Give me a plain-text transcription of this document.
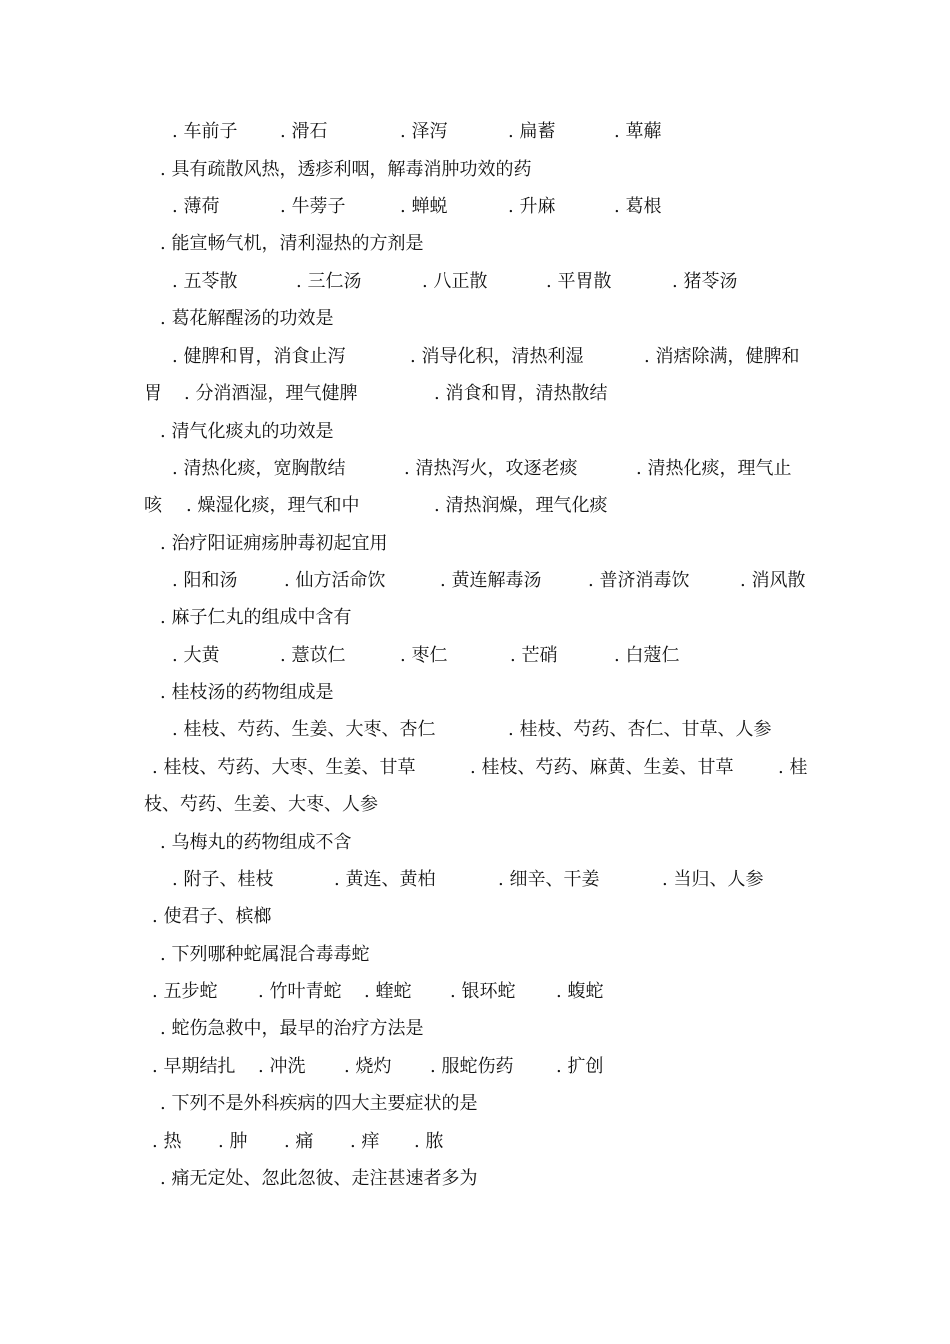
. 车前子 . 滑石	. 泽泻	. 扁蓄	. 萆薢
. 具有疏散风热，透疹利咽，解毒消肿功效的药
. 薄荷	. 牛蒡子	. 蝉蜕	. 升麻	. 葛根
. 能宣畅气机，清利湿热的方剂是
. 五苓散	. 三仁汤	. 八正散	. 平胃散	. 猪苓汤
. 葛花解醒汤的功效是
. 健脾和胃，消食止泻	. 消导化积，清热利湿	. 消痞除满，健脾和
胃 . 分消酒湿，理气健脾	. 消食和胃，清热散结
. 清气化痰丸的功效是
. 清热化痰，宽胸散结	. 清热泻火，攻逐老痰	. 清热化痰，理气止
咳 . 燥湿化痰，理气和中	. 清热润燥，理气化痰
. 治疗阳证痈疡肿毒初起宜用
. 阳和汤	. 仙方活命饮	. 黄连解毒汤	. 普济消毒饮	. 消风散
. 麻子仁丸的组成中含有
. 大黄	. 薏苡仁	. 枣仁	. 芒硝	. 白蔻仁
. 桂枝汤的药物组成是
. 桂枝、芍药、生姜、大枣、杏仁	. 桂枝、芍药、杏仁、甘草、人参
. 桂枝、芍药、大枣、生姜、甘草	. 桂枝、芍药、麻黄、生姜、甘草 . 桂
枝、芍药、生姜、大枣、人参
. 乌梅丸的药物组成不含
. 附子、桂枝	. 黄连、黄柏	. 细辛、干姜	. 当归、人参
. 使君子、槟榔
. 下列哪种蛇属混合毒毒蛇
. 五步蛇 . 竹叶青蛇 . 蝰蛇 . 银环蛇 . 蝮蛇
. 蛇伤急救中，最早的治疗方法是
. 早期结扎 . 冲洗 . 烧灼 . 服蛇伤药 . 扩创
. 下列不是外科疾病的四大主要症状的是
. 热 . 肿 . 痛 . 痒 . 脓
. 痛无定处、忽此忽彼、走注甚速者多为
